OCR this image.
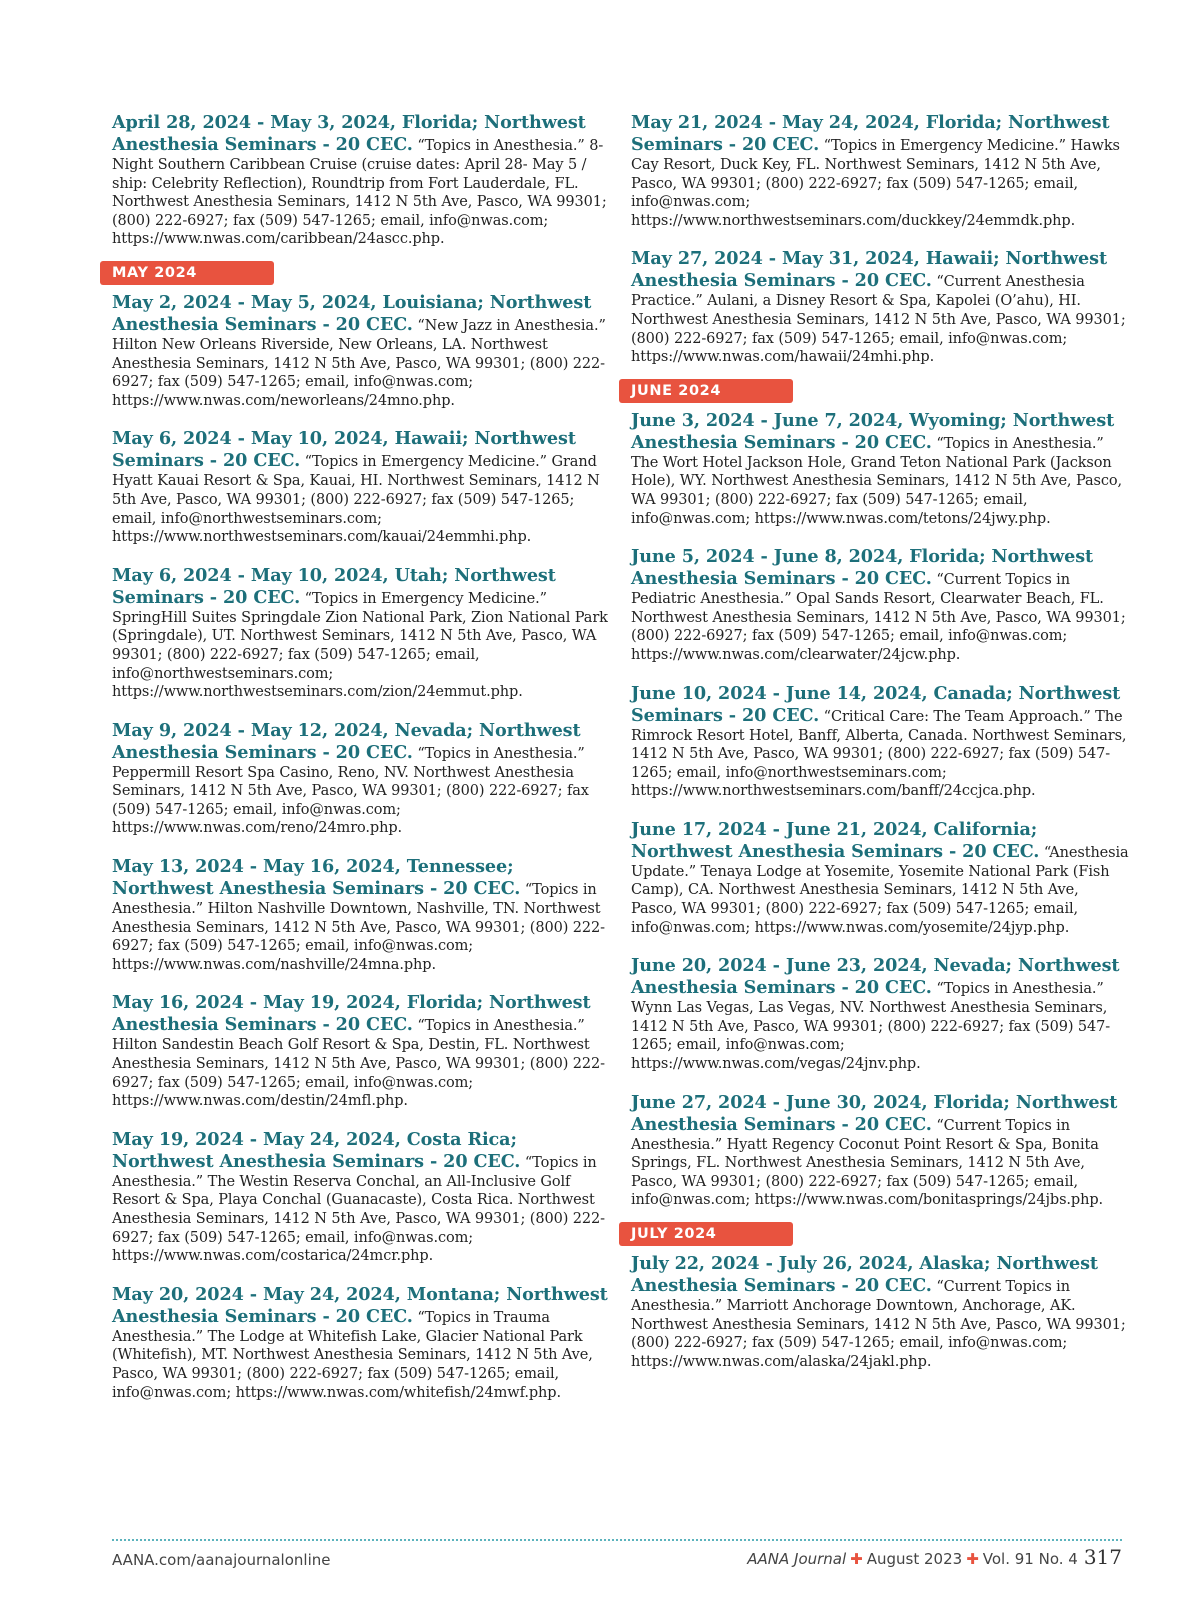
April 28, 2024 - May 3, 2024, Florida; Northwest Anesthesia Seminars - 20 CEC. “Topics in Anesthesia.” 8-Night Southern Caribbean Cruise (cruise dates: April 28- May 5 / ship: Celebrity Reflection), Roundtrip from Fort Lauderdale, FL. Northwest Anesthesia Seminars, 1412 N 5th Ave, Pasco, WA 99301; (800) 222-6927; fax (509) 547-1265; email, info@nwas.com; https://www.nwas.com/caribbean/24ascc.php.

MAY 2024

May 2, 2024 - May 5, 2024, Louisiana; Northwest Anesthesia Seminars - 20 CEC. “New Jazz in Anesthesia.” Hilton New Orleans Riverside, New Orleans, LA. Northwest Anesthesia Seminars, 1412 N 5th Ave, Pasco, WA 99301; (800) 222-6927; fax (509) 547-1265; email, info@nwas.com; https://www.nwas.com/neworleans/24mno.php.

May 6, 2024 - May 10, 2024, Hawaii; Northwest Seminars - 20 CEC. “Topics in Emergency Medicine.” Grand Hyatt Kauai Resort & Spa, Kauai, HI. Northwest Seminars, 1412 N 5th Ave, Pasco, WA 99301; (800) 222-6927; fax (509) 547-1265; email, info@northwestseminars.com; https://www.northwestseminars.com/kauai/24emmhi.php.

May 6, 2024 - May 10, 2024, Utah; Northwest Seminars - 20 CEC. “Topics in Emergency Medicine.” SpringHill Suites Springdale Zion National Park, Zion National Park (Springdale), UT. Northwest Seminars, 1412 N 5th Ave, Pasco, WA 99301; (800) 222-6927; fax (509) 547-1265; email, info@northwestseminars.com; https://www.northwestseminars.com/zion/24emmut.php.

May 9, 2024 - May 12, 2024, Nevada; Northwest Anesthesia Seminars - 20 CEC. “Topics in Anesthesia.” Peppermill Resort Spa Casino, Reno, NV. Northwest Anesthesia Seminars, 1412 N 5th Ave, Pasco, WA 99301; (800) 222-6927; fax (509) 547-1265; email, info@nwas.com; https://www.nwas.com/reno/24mro.php.

May 13, 2024 - May 16, 2024, Tennessee; Northwest Anesthesia Seminars - 20 CEC. “Topics in Anesthesia.” Hilton Nashville Downtown, Nashville, TN. Northwest Anesthesia Seminars, 1412 N 5th Ave, Pasco, WA 99301; (800) 222-6927; fax (509) 547-1265; email, info@nwas.com; https://www.nwas.com/nashville/24mna.php.

May 16, 2024 - May 19, 2024, Florida; Northwest Anesthesia Seminars - 20 CEC. “Topics in Anesthesia.” Hilton Sandestin Beach Golf Resort & Spa, Destin, FL. Northwest Anesthesia Seminars, 1412 N 5th Ave, Pasco, WA 99301; (800) 222-6927; fax (509) 547-1265; email, info@nwas.com; https://www.nwas.com/destin/24mfl.php.

May 19, 2024 - May 24, 2024, Costa Rica; Northwest Anesthesia Seminars - 20 CEC. “Topics in Anesthesia.” The Westin Reserva Conchal, an All-Inclusive Golf Resort & Spa, Playa Conchal (Guanacaste), Costa Rica. Northwest Anesthesia Seminars, 1412 N 5th Ave, Pasco, WA 99301; (800) 222-6927; fax (509) 547-1265; email, info@nwas.com; https://www.nwas.com/costarica/24mcr.php.

May 20, 2024 - May 24, 2024, Montana; Northwest Anesthesia Seminars - 20 CEC. “Topics in Trauma Anesthesia.” The Lodge at Whitefish Lake, Glacier National Park (Whitefish), MT. Northwest Anesthesia Seminars, 1412 N 5th Ave, Pasco, WA 99301; (800) 222-6927; fax (509) 547-1265; email, info@nwas.com; https://www.nwas.com/whitefish/24mwf.php.

May 21, 2024 - May 24, 2024, Florida; Northwest Seminars - 20 CEC. “Topics in Emergency Medicine.” Hawks Cay Resort, Duck Key, FL. Northwest Seminars, 1412 N 5th Ave, Pasco, WA 99301; (800) 222-6927; fax (509) 547-1265; email, info@nwas.com; https://www.northwestseminars.com/duckkey/24emmdk.php.

May 27, 2024 - May 31, 2024, Hawaii; Northwest Anesthesia Seminars - 20 CEC. “Current Anesthesia Practice.” Aulani, a Disney Resort & Spa, Kapolei (O’ahu), HI. Northwest Anesthesia Seminars, 1412 N 5th Ave, Pasco, WA 99301; (800) 222-6927; fax (509) 547-1265; email, info@nwas.com; https://www.nwas.com/hawaii/24mhi.php.

JUNE 2024

June 3, 2024 - June 7, 2024, Wyoming; Northwest Anesthesia Seminars - 20 CEC. “Topics in Anesthesia.” The Wort Hotel Jackson Hole, Grand Teton National Park (Jackson Hole), WY. Northwest Anesthesia Seminars, 1412 N 5th Ave, Pasco, WA 99301; (800) 222-6927; fax (509) 547-1265; email, info@nwas.com; https://www.nwas.com/tetons/24jwy.php.

June 5, 2024 - June 8, 2024, Florida; Northwest Anesthesia Seminars - 20 CEC. “Current Topics in Pediatric Anesthesia.” Opal Sands Resort, Clearwater Beach, FL. Northwest Anesthesia Seminars, 1412 N 5th Ave, Pasco, WA 99301; (800) 222-6927; fax (509) 547-1265; email, info@nwas.com; https://www.nwas.com/clearwater/24jcw.php.

June 10, 2024 - June 14, 2024, Canada; Northwest Seminars - 20 CEC. “Critical Care: The Team Approach.” The Rimrock Resort Hotel, Banff, Alberta, Canada. Northwest Seminars, 1412 N 5th Ave, Pasco, WA 99301; (800) 222-6927; fax (509) 547-1265; email, info@northwestseminars.com; https://www.northwestseminars.com/banff/24ccjca.php.

June 17, 2024 - June 21, 2024, California; Northwest Anesthesia Seminars - 20 CEC. “Anesthesia Update.” Tenaya Lodge at Yosemite, Yosemite National Park (Fish Camp), CA. Northwest Anesthesia Seminars, 1412 N 5th Ave, Pasco, WA 99301; (800) 222-6927; fax (509) 547-1265; email, info@nwas.com; https://www.nwas.com/yosemite/24jyp.php.

June 20, 2024 - June 23, 2024, Nevada; Northwest Anesthesia Seminars - 20 CEC. “Topics in Anesthesia.” Wynn Las Vegas, Las Vegas, NV. Northwest Anesthesia Seminars, 1412 N 5th Ave, Pasco, WA 99301; (800) 222-6927; fax (509) 547-1265; email, info@nwas.com; https://www.nwas.com/vegas/24jnv.php.

June 27, 2024 - June 30, 2024, Florida; Northwest Anesthesia Seminars - 20 CEC. “Current Topics in Anesthesia.” Hyatt Regency Coconut Point Resort & Spa, Bonita Springs, FL. Northwest Anesthesia Seminars, 1412 N 5th Ave, Pasco, WA 99301; (800) 222-6927; fax (509) 547-1265; email, info@nwas.com; https://www.nwas.com/bonitasprings/24jbs.php.

JULY 2024

July 22, 2024 - July 26, 2024, Alaska; Northwest Anesthesia Seminars - 20 CEC. “Current Topics in Anesthesia.” Marriott Anchorage Downtown, Anchorage, AK. Northwest Anesthesia Seminars, 1412 N 5th Ave, Pasco, WA 99301; (800) 222-6927; fax (509) 547-1265; email, info@nwas.com; https://www.nwas.com/alaska/24jakl.php.

AANA.com/aanajournalonline	AANA Journal ✚ August 2023 ✚ Vol. 91 No. 4 317
